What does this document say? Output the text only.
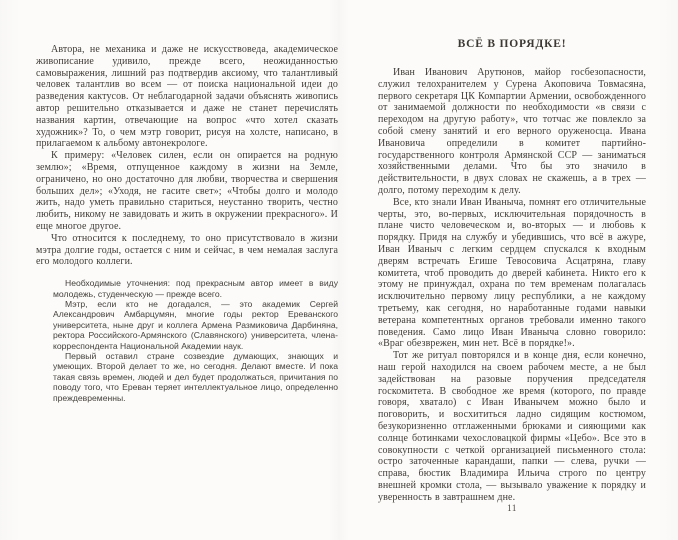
Автора, не механика и даже не искусствоведа, академическое живописание удивило, прежде всего, неожиданностью самовыражения, лишний раз подтвердив аксиому, что талантливый человек талантлив во всем — от поиска национальной идеи до разведения кактусов. От неблагодарной задачи объяснять живопись автор решительно отказывается и даже не станет перечислять названия картин, отвечающие на вопрос «что хотел сказать художник»? То, о чем мэтр говорит, рисуя на холсте, написано, в прилагаемом к альбому автонекрологе.

К примеру: «Человек силен, если он опирается на родную землю»; «Время, отпущенное каждому в жизни на Земле, ограничено, но оно достаточно для любви, творчества и свершения больших дел»; «Уходя, не гасите свет»; «Чтобы долго и молодо жить, надо уметь правильно стариться, неустанно творить, честно любить, никому не завидовать и жить в окружении прекрасного». И еще многое другое.

Что относится к последнему, то оно присутствовало в жизни мэтра долгие годы, остается с ним и сейчас, в чем немалая заслуга его молодого коллеги.

Необходимые уточнения: под прекрасным автор имеет в виду молодежь, студенческую — прежде всего.

Мэтр, если кто не догадался, — это академик Сергей Александрович Амбарцумян, многие годы ректор Ереванского университета, ныне друг и коллега Армена Размиковича Дарбиняна, ректора Российского-Армянского (Славянского) университета, члена-корреспондента Национальной Академии наук.

Первый оставил стране созвездие думающих, знающих и умеющих. Второй делает то же, но сегодня. Делают вместе. И пока такая связь времен, людей и дел будет продолжаться, причитания по поводу того, что Ереван теряет интеллектуальное лицо, определенно преждевременны.

ВСЁ В ПОРЯДКЕ!

Иван Иванович Арутюнов, майор госбезопасности, служил телохранителем у Сурена Акоповича Товмасяна, первого секретаря ЦК Компартии Армении, освобожденного от занимаемой должности по необходимости «в связи с переходом на другую работу», что тотчас же повлекло за собой смену занятий и его верного оруженосца. Ивана Ивановича определили в комитет партийно-государственного контроля Армянской ССР — заниматься хозяйственными делами. Что бы это значило в действительности, в двух словах не скажешь, а в трех — долго, потому переходим к делу.

Все, кто знали Иван Иваныча, помнят его отличительные черты, это, во-первых, исключительная порядочность в плане чисто человеческом и, во-вторых — и любовь к порядку. Придя на службу и убедившись, что всё в ажуре, Иван Иваныч с легким сердцем спускался к входным дверям встречать Егише Тевосовича Асцатряна, главу комитета, чтоб проводить до дверей кабинета. Никто его к этому не принуждал, охрана по тем временам полагалась исключительно первому лицу республики, а не каждому третьему, как сегодня, но наработанные годами навыки ветерана компетентных органов требовали именно такого поведения. Само лицо Иван Иваныча словно говорило: «Враг обезврежен, мин нет. Всё в порядке!».

Тот же ритуал повторялся и в конце дня, если конечно, наш герой находился на своем рабочем месте, а не был задействован на разовые поручения председателя госкомитета. В свободное же время (которого, по правде говоря, хватало) с Иван Иванычем можно было и поговорить, и восхититься ладно сидящим костюмом, безукоризненно отглаженными брюками и сияющими как солнце ботинками чехословацкой фирмы «Цебо». Все это в совокупности с четкой организацией письменного стола: остро заточенные карандаши, папки — слева, ручки — справа, бюстик Владимира Ильича строго по центру внешней кромки стола, — вызывало уважение к порядку и уверенность в завтрашнем дне.

11
